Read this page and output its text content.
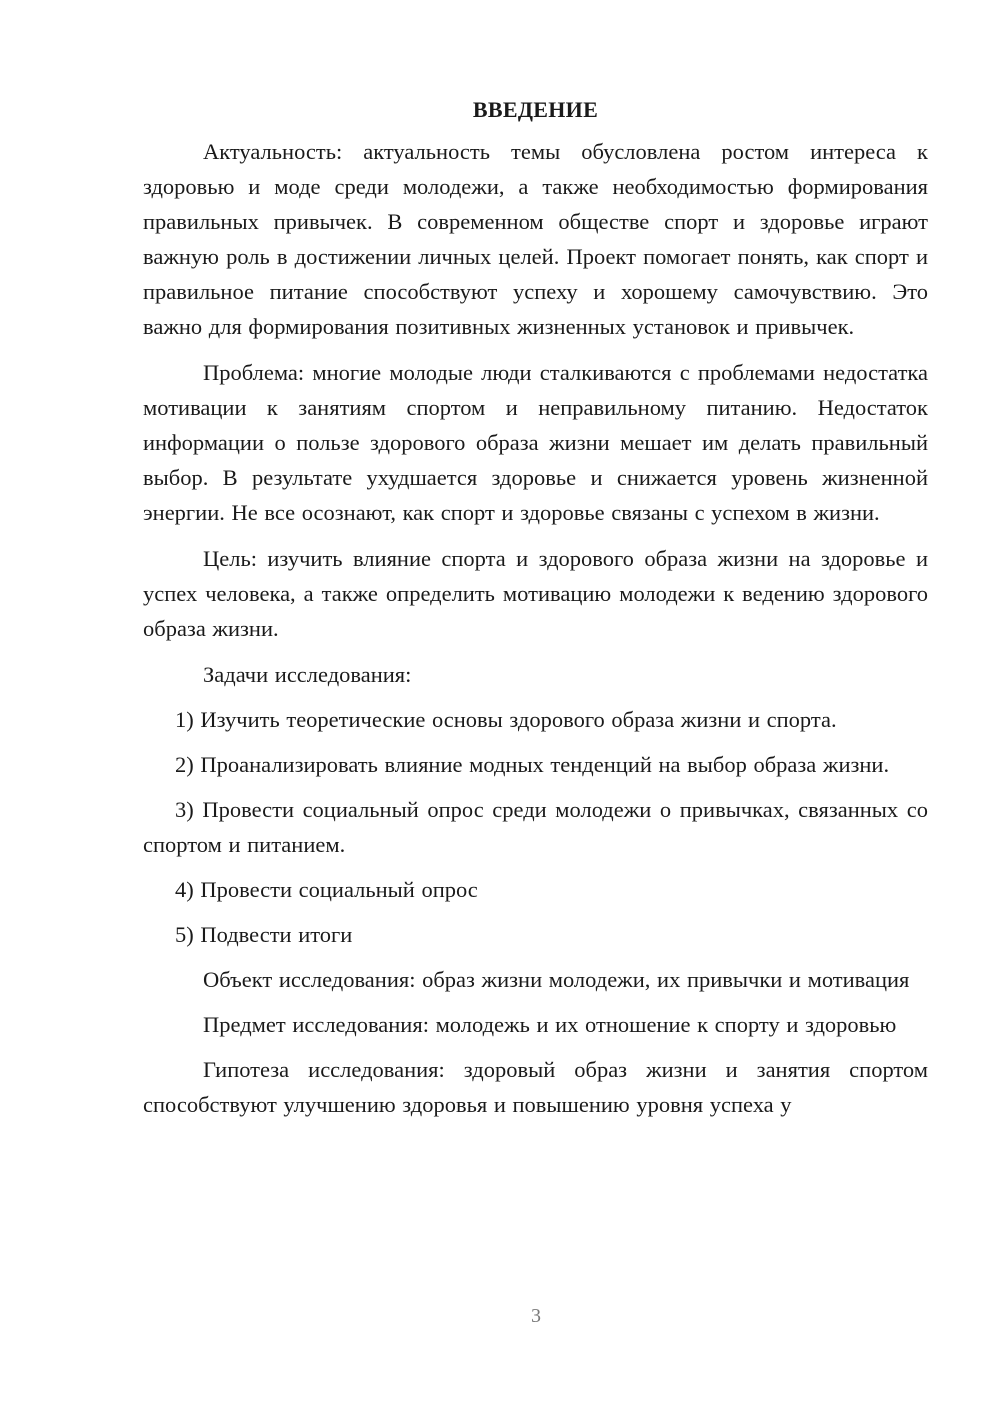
ВВЕДЕНИЕ

Актуальность: актуальность темы обусловлена ростом интереса к здоровью и моде среди молодежи, а также необходимостью формирования правильных привычек. В современном обществе спорт и здоровье играют важную роль в достижении личных целей. Проект помогает понять, как спорт и правильное питание способствуют успеху и хорошему самочувствию. Это важно для формирования позитивных жизненных установок и привычек.

Проблема: многие молодые люди сталкиваются с проблемами недостатка мотивации к занятиям спортом и неправильному питанию. Недостаток информации о пользе здорового образа жизни мешает им делать правильный выбор. В результате ухудшается здоровье и снижается уровень жизненной энергии. Не все осознают, как спорт и здоровье связаны с успехом в жизни.

Цель: изучить влияние спорта и здорового образа жизни на здоровье и успех человека, а также определить мотивацию молодежи к ведению здорового образа жизни.

Задачи исследования:

1) Изучить теоретические основы здорового образа жизни и спорта.

2) Проанализировать влияние модных тенденций на выбор образа жизни.

3) Провести социальный опрос среди молодежи о привычках, связанных со спортом и питанием.

4) Провести социальный опрос

5) Подвести итоги

Объект исследования: образ жизни молодежи, их привычки и мотивация

Предмет исследования: молодежь и их отношение к спорту и здоровью

Гипотеза исследования: здоровый образ жизни и занятия спортом способствуют улучшению здоровья и повышению уровня успеха у

3
